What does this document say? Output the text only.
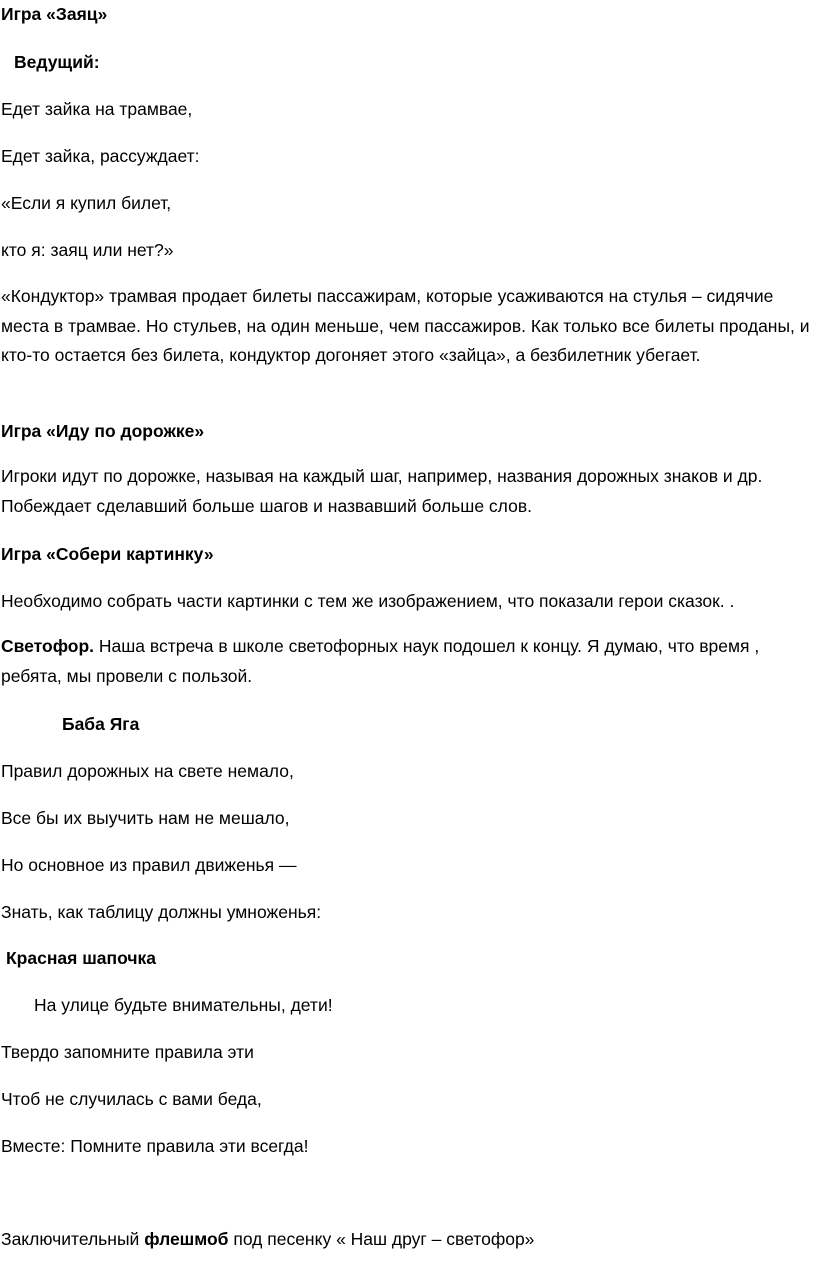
Игра «Заяц»

Ведущий:

Едет зайка на трамвае,

Едет зайка, рассуждает:

«Если я купил билет,

кто я: заяц или нет?»

«Кондуктор» трамвая продает билеты пассажирам, которые усаживаются на стулья – сидячие места в трамвае. Но стульев, на один меньше, чем пассажиров. Как только все билеты проданы, и кто-то остается без билета, кондуктор догоняет этого «зайца», а безбилетник убегает.

Игра «Иду по дорожке»

Игроки идут по дорожке, называя на каждый шаг, например, названия дорожных знаков и др. Побеждает сделавший больше шагов и назвавший больше слов.

Игра «Собери картинку»

Необходимо собрать части картинки с тем же изображением, что показали герои сказок. .

Светофор. Наша встреча в школе светофорных наук подошел к концу. Я думаю, что время , ребята, мы провели с пользой.

Баба Яга

Правил дорожных на свете немало,

Все бы их выучить нам не мешало,

Но основное из правил движенья —

Знать, как таблицу должны умноженья:

Красная шапочка

На улице будьте внимательны, дети!

Твердо запомните правила эти

Чтоб не случилась с вами беда,

Вместе: Помните правила эти всегда!

Заключительный флешмоб под песенку « Наш друг – светофор»
